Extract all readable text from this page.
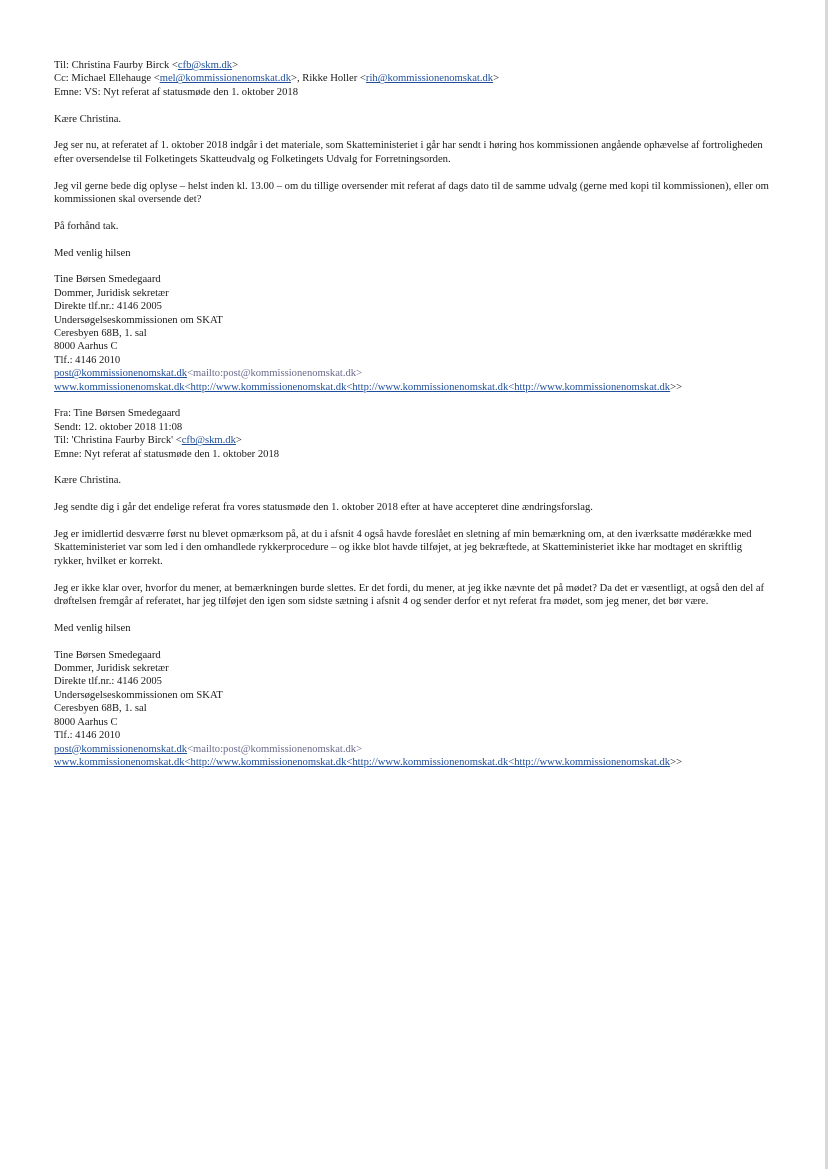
Til: Christina Faurby Birck <cfb@skm.dk>
Cc: Michael Ellehauge <mel@kommissionenomskat.dk>, Rikke Holler <rih@kommissionenomskat.dk>
Emne: VS: Nyt referat af statusmøde den 1. oktober 2018
Kære Christina.
Jeg ser nu, at referatet af 1. oktober 2018 indgår i det materiale, som Skatteministeriet i går har sendt i høring hos kommissionen angående ophævelse af fortroligheden efter oversendelse til Folketingets Skatteudvalg og Folketingets Udvalg for Forretningsorden.
Jeg vil gerne bede dig oplyse – helst inden kl. 13.00 – om du tillige oversender mit referat af dags dato til de samme udvalg (gerne med kopi til kommissionen), eller om kommissionen skal oversende det?
På forhånd tak.
Med venlig hilsen
Tine Børsen Smedegaard
Dommer, Juridisk sekretær
Direkte tlf.nr.: 4146 2005
Undersøgelseskommissionen om SKAT
Ceresbyen 68B, 1. sal
8000 Aarhus C
Tlf.: 4146 2010
post@kommissionenomskat.dk<mailto:post@kommissionenomskat.dk>
www.kommissionenomskat.dk<http://www.kommissionenomskat.dk<http://www.kommissionenomskat.dk<http://www.kommissionenomskat.dk>>
Fra: Tine Børsen Smedegaard
Sendt: 12. oktober 2018 11:08
Til: 'Christina Faurby Birck' <cfb@skm.dk>
Emne: Nyt referat af statusmøde den 1. oktober 2018
Kære Christina.
Jeg sendte dig i går det endelige referat fra vores statusmøde den 1. oktober 2018 efter at have accepteret dine ændringsforslag.
Jeg er imidlertid desværre først nu blevet opmærksom på, at du i afsnit 4 også havde foreslået en sletning af min bemærkning om, at den iværksatte mødérække med Skatteministeriet var som led i den omhandlede rykkerprocedure – og ikke blot havde tilføjet, at jeg bekræftede, at Skatteministeriet ikke har modtaget en skriftlig rykker, hvilket er korrekt.
Jeg er ikke klar over, hvorfor du mener, at bemærkningen burde slettes. Er det fordi, du mener, at jeg ikke nævnte det på mødet? Da det er væsentligt, at også den del af drøftelsen fremgår af referatet, har jeg tilføjet den igen som sidste sætning i afsnit 4 og sender derfor et nyt referat fra mødet, som jeg mener, det bør være.
Med venlig hilsen
Tine Børsen Smedegaard
Dommer, Juridisk sekretær
Direkte tlf.nr.: 4146 2005
Undersøgelseskommissionen om SKAT
Ceresbyen 68B, 1. sal
8000 Aarhus C
Tlf.: 4146 2010
post@kommissionenomskat.dk<mailto:post@kommissionenomskat.dk>
www.kommissionenomskat.dk<http://www.kommissionenomskat.dk<http://www.kommissionenomskat.dk<http://www.kommissionenomskat.dk>>
